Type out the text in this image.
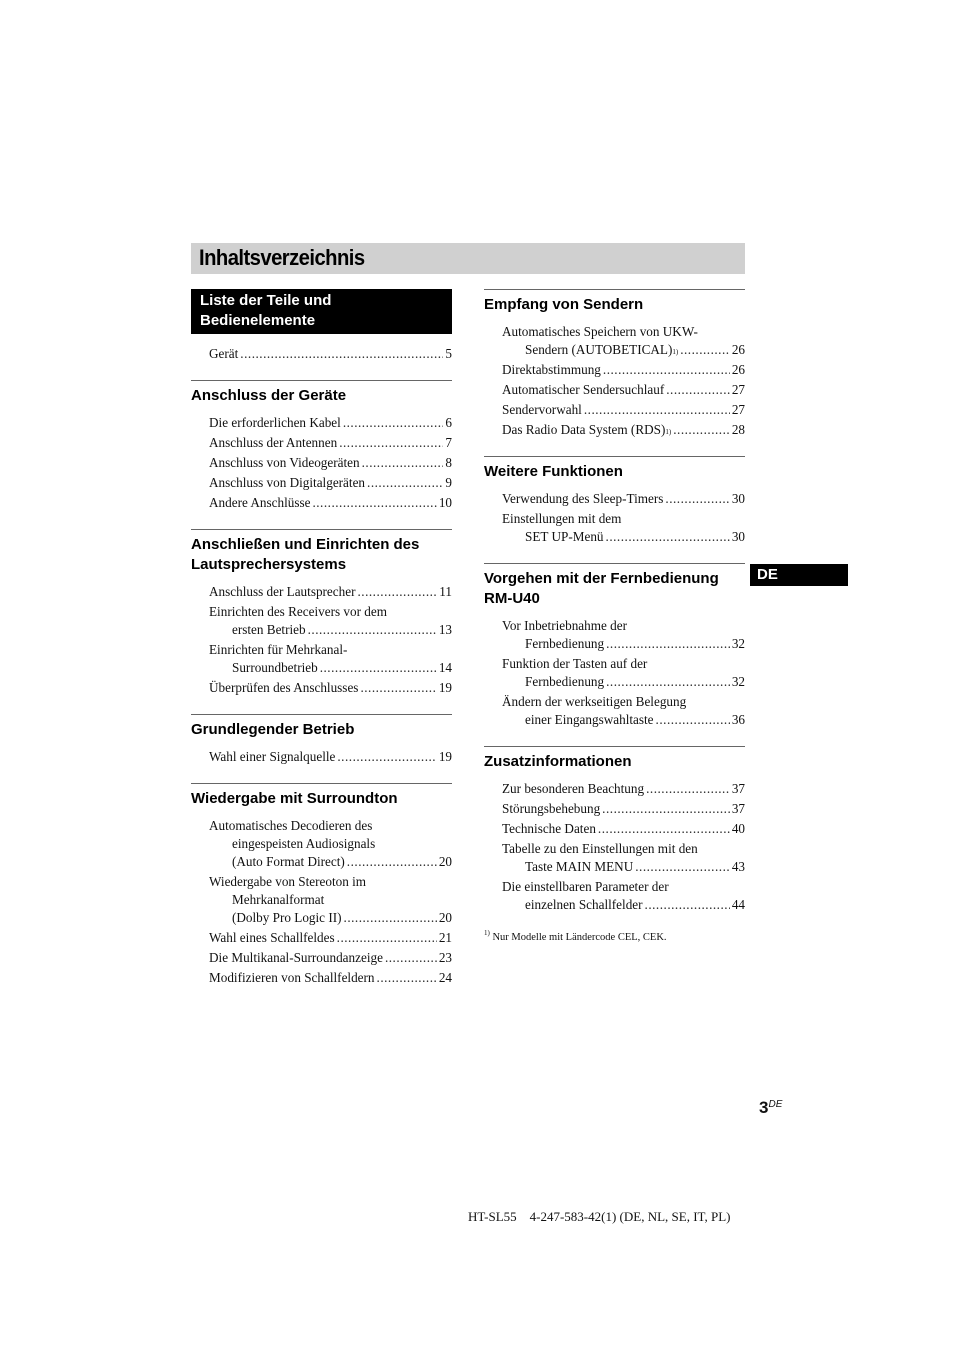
Inhaltsverzeichnis
Liste der Teile und Bedienelemente
Gerät .....	5
Anschluss der Geräte
Die erforderlichen Kabel .....	6
Anschluss der Antennen .....	7
Anschluss von Videogeräten .....	8
Anschluss von Digitalgeräten .....	9
Andere Anschlüsse .....	10
Anschließen und Einrichten des Lautsprechersystems
Anschluss der Lautsprecher .....	11
Einrichten des Receivers vor dem
ersten Betrieb .....	13
Einrichten für Mehrkanal-
Surroundbetrieb .....	14
Überprüfen des Anschlusses .....	19
Grundlegender Betrieb
Wahl einer Signalquelle .....	19
Wiedergabe mit Surroundton
Automatisches Decodieren des
eingespeisten Audiosignals
(Auto Format Direct) .....	20
Wiedergabe von Stereoton im
Mehrkanalformat
(Dolby Pro Logic II) .....	20
Wahl eines Schallfeldes .....	21
Die Multikanal-Surroundanzeige .....	23
Modifizieren von Schallfeldern .....	24
Empfang von Sendern
Automatisches Speichern von UKW-
Sendern (AUTOBETICAL) 1) .....	26
Direktabstimmung .....	26
Automatischer Sendersuchlauf .....	27
Sendervorwahl .....	27
Das Radio Data System (RDS) 1) .....	28
Weitere Funktionen
Verwendung des Sleep-Timers .....	30
Einstellungen mit dem
SET UP-Menü .....	30
Vorgehen mit der Fernbedienung RM-U40
Vor Inbetriebnahme der
Fernbedienung .....	32
Funktion der Tasten auf der
Fernbedienung .....	32
Ändern der werkseitigen Belegung
einer Eingangswahltaste .....	36
Zusatzinformationen
Zur besonderen Beachtung .....	37
Störungsbehebung .....	37
Technische Daten .....	40
Tabelle zu den Einstellungen mit den
Taste MAIN MENU .....	43
Die einstellbaren Parameter der
einzelnen Schallfelder .....	44
$^{1)}$ Nur Modelle mit Ländercode CEL, CEK.
DE
3DE
HT-SL55    4-247-583-42(1) (DE, NL, SE, IT, PL)
